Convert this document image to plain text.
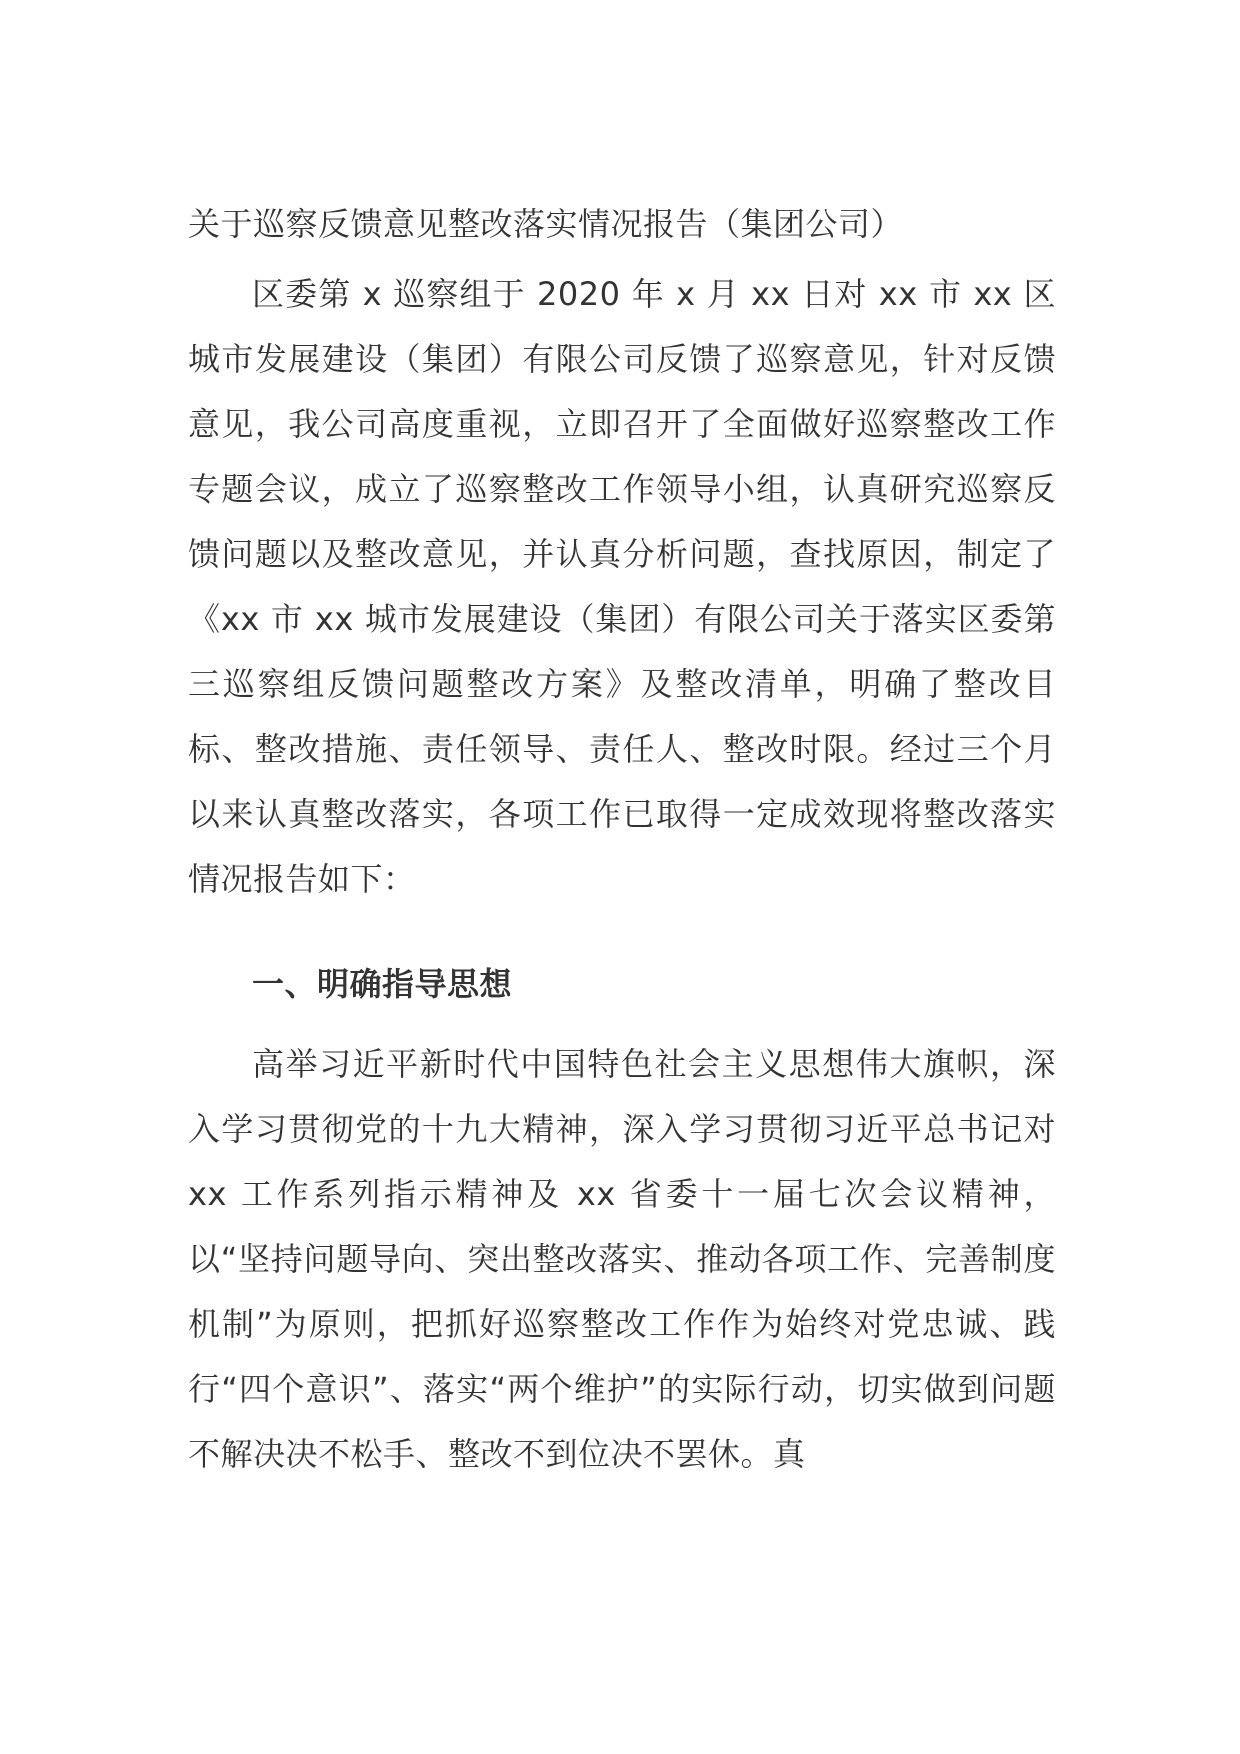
关于巡察反馈意见整改落实情况报告（集团公司）

区委第 x 巡察组于 2020 年 x 月 xx 日对 xx 市 xx 区城市发展建设（集团）有限公司反馈了巡察意见，针对反馈意见，我公司高度重视，立即召开了全面做好巡察整改工作专题会议，成立了巡察整改工作领导小组，认真研究巡察反馈问题以及整改意见，并认真分析问题，查找原因，制定了《xx 市 xx 城市发展建设（集团）有限公司关于落实区委第三巡察组反馈问题整改方案》及整改清单，明确了整改目标、整改措施、责任领导、责任人、整改时限。经过三个月以来认真整改落实，各项工作已取得一定成效现将整改落实情况报告如下：

一、明确指导思想

高举习近平新时代中国特色社会主义思想伟大旗帜，深入学习贯彻党的十九大精神，深入学习贯彻习近平总书记对 xx 工作系列指示精神及 xx 省委十一届七次会议精神，以“坚持问题导向、突出整改落实、推动各项工作、完善制度机制”为原则，把抓好巡察整改工作作为始终对党忠诚、践行“四个意识”、落实“两个维护”的实际行动，切实做到问题不解决决不松手、整改不到位决不罢休。真
